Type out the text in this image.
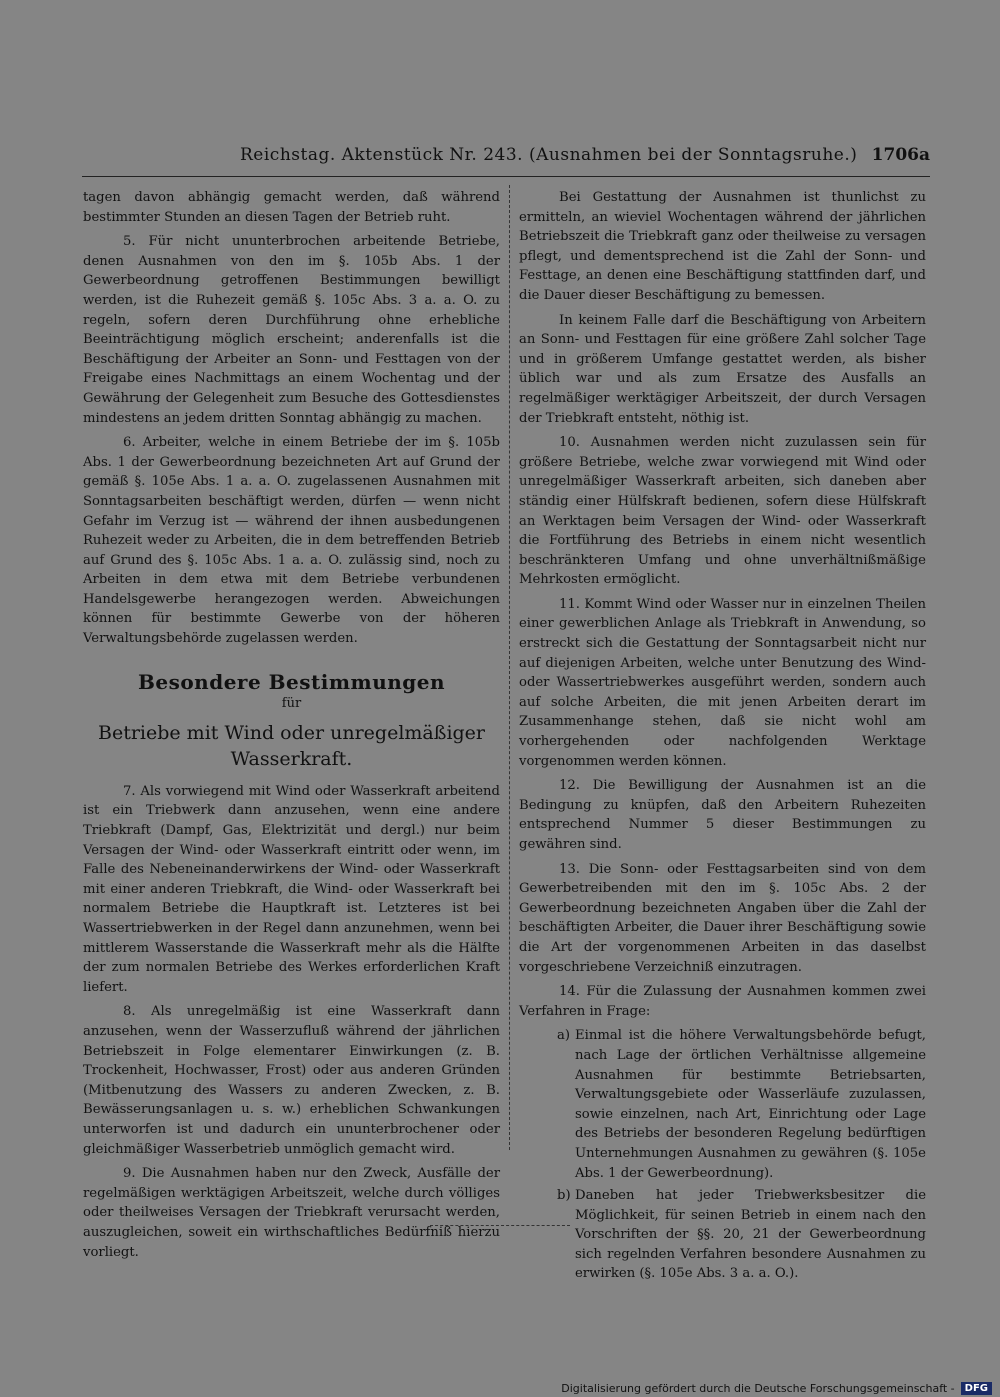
Reichstag. Aktenstück Nr. 243. (Ausnahmen bei der Sonntagsruhe.) 1706a

tagen davon abhängig gemacht werden, daß während bestimmter Stunden an diesen Tagen der Betrieb ruht.

5. Für nicht ununterbrochen arbeitende Betriebe, denen Ausnahmen von den im §. 105b Abs. 1 der Gewerbeordnung getroffenen Bestimmungen bewilligt werden, ist die Ruhezeit gemäß §. 105c Abs. 3 a. a. O. zu regeln, sofern deren Durchführung ohne erhebliche Beeinträchtigung möglich erscheint; anderenfalls ist die Beschäftigung der Arbeiter an Sonn- und Festtagen von der Freigabe eines Nachmittags an einem Wochentag und der Gewährung der Gelegenheit zum Besuche des Gottesdienstes mindestens an jedem dritten Sonntag abhängig zu machen.

6. Arbeiter, welche in einem Betriebe der im §. 105b Abs. 1 der Gewerbeordnung bezeichneten Art auf Grund der gemäß §. 105e Abs. 1 a. a. O. zugelassenen Ausnahmen mit Sonntagsarbeiten beschäftigt werden, dürfen — wenn nicht Gefahr im Verzug ist — während der ihnen ausbedungenen Ruhezeit weder zu Arbeiten, die in dem betreffenden Betrieb auf Grund des §. 105c Abs. 1 a. a. O. zulässig sind, noch zu Arbeiten in dem etwa mit dem Betriebe verbundenen Handelsgewerbe herangezogen werden. Abweichungen können für bestimmte Gewerbe von der höheren Verwaltungsbehörde zugelassen werden.

Besondere Bestimmungen
für
Betriebe mit Wind oder unregelmäßiger Wasserkraft.

7. Als vorwiegend mit Wind oder Wasserkraft arbeitend ist ein Triebwerk dann anzusehen, wenn eine andere Triebkraft (Dampf, Gas, Elektrizität und dergl.) nur beim Versagen der Wind- oder Wasserkraft eintritt oder wenn, im Falle des Nebeneinanderwirkens der Wind- oder Wasserkraft mit einer anderen Triebkraft, die Wind- oder Wasserkraft bei normalem Betriebe die Hauptkraft ist. Letzteres ist bei Wassertriebwerken in der Regel dann anzunehmen, wenn bei mittlerem Wasserstande die Wasserkraft mehr als die Hälfte der zum normalen Betriebe des Werkes erforderlichen Kraft liefert.

8. Als unregelmäßig ist eine Wasserkraft dann anzusehen, wenn der Wasserzufluß während der jährlichen Betriebszeit in Folge elementarer Einwirkungen (z. B. Trockenheit, Hochwasser, Frost) oder aus anderen Gründen (Mitbenutzung des Wassers zu anderen Zwecken, z. B. Bewässerungsanlagen u. s. w.) erheblichen Schwankungen unterworfen ist und dadurch ein ununterbrochener oder gleichmäßiger Wasserbetrieb unmöglich gemacht wird.

9. Die Ausnahmen haben nur den Zweck, Ausfälle der regelmäßigen werktägigen Arbeitszeit, welche durch völliges oder theilweises Versagen der Triebkraft verursacht werden, auszugleichen, soweit ein wirthschaftliches Bedürfniß hierzu vorliegt.

Bei Gestattung der Ausnahmen ist thunlichst zu ermitteln, an wieviel Wochentagen während der jährlichen Betriebszeit die Triebkraft ganz oder theilweise zu versagen pflegt, und dementsprechend ist die Zahl der Sonn- und Festtage, an denen eine Beschäftigung stattfinden darf, und die Dauer dieser Beschäftigung zu bemessen.

In keinem Falle darf die Beschäftigung von Arbeitern an Sonn- und Festtagen für eine größere Zahl solcher Tage und in größerem Umfange gestattet werden, als bisher üblich war und als zum Ersatze des Ausfalls an regelmäßiger werktägiger Arbeitszeit, der durch Versagen der Triebkraft entsteht, nöthig ist.

10. Ausnahmen werden nicht zuzulassen sein für größere Betriebe, welche zwar vorwiegend mit Wind oder unregelmäßiger Wasserkraft arbeiten, sich daneben aber ständig einer Hülfskraft bedienen, sofern diese Hülfskraft an Werktagen beim Versagen der Wind- oder Wasserkraft die Fortführung des Betriebs in einem nicht wesentlich beschränkteren Umfang und ohne unverhältnißmäßige Mehrkosten ermöglicht.

11. Kommt Wind oder Wasser nur in einzelnen Theilen einer gewerblichen Anlage als Triebkraft in Anwendung, so erstreckt sich die Gestattung der Sonntagsarbeit nicht nur auf diejenigen Arbeiten, welche unter Benutzung des Wind- oder Wassertriebwerkes ausgeführt werden, sondern auch auf solche Arbeiten, die mit jenen Arbeiten derart im Zusammenhange stehen, daß sie nicht wohl am vorhergehenden oder nachfolgenden Werktage vorgenommen werden können.

12. Die Bewilligung der Ausnahmen ist an die Bedingung zu knüpfen, daß den Arbeitern Ruhezeiten entsprechend Nummer 5 dieser Bestimmungen zu gewähren sind.

13. Die Sonn- oder Festtagsarbeiten sind von dem Gewerbetreibenden mit den im §. 105c Abs. 2 der Gewerbeordnung bezeichneten Angaben über die Zahl der beschäftigten Arbeiter, die Dauer ihrer Beschäftigung sowie die Art der vorgenommenen Arbeiten in das daselbst vorgeschriebene Verzeichniß einzutragen.

14. Für die Zulassung der Ausnahmen kommen zwei Verfahren in Frage:

a) Einmal ist die höhere Verwaltungsbehörde befugt, nach Lage der örtlichen Verhältnisse allgemeine Ausnahmen für bestimmte Betriebsarten, Verwaltungsgebiete oder Wasserläufe zuzulassen, sowie einzelnen, nach Art, Einrichtung oder Lage des Betriebs der besonderen Regelung bedürftigen Unternehmungen Ausnahmen zu gewähren (§. 105e Abs. 1 der Gewerbeordnung).
b) Daneben hat jeder Triebwerksbesitzer die Möglichkeit, für seinen Betrieb in einem nach den Vorschriften der §§. 20, 21 der Gewerbeordnung sich regelnden Verfahren besondere Ausnahmen zu erwirken (§. 105e Abs. 3 a. a. O.).
Digitalisierung gefördert durch die Deutsche Forschungsgemeinschaft -	DFG
